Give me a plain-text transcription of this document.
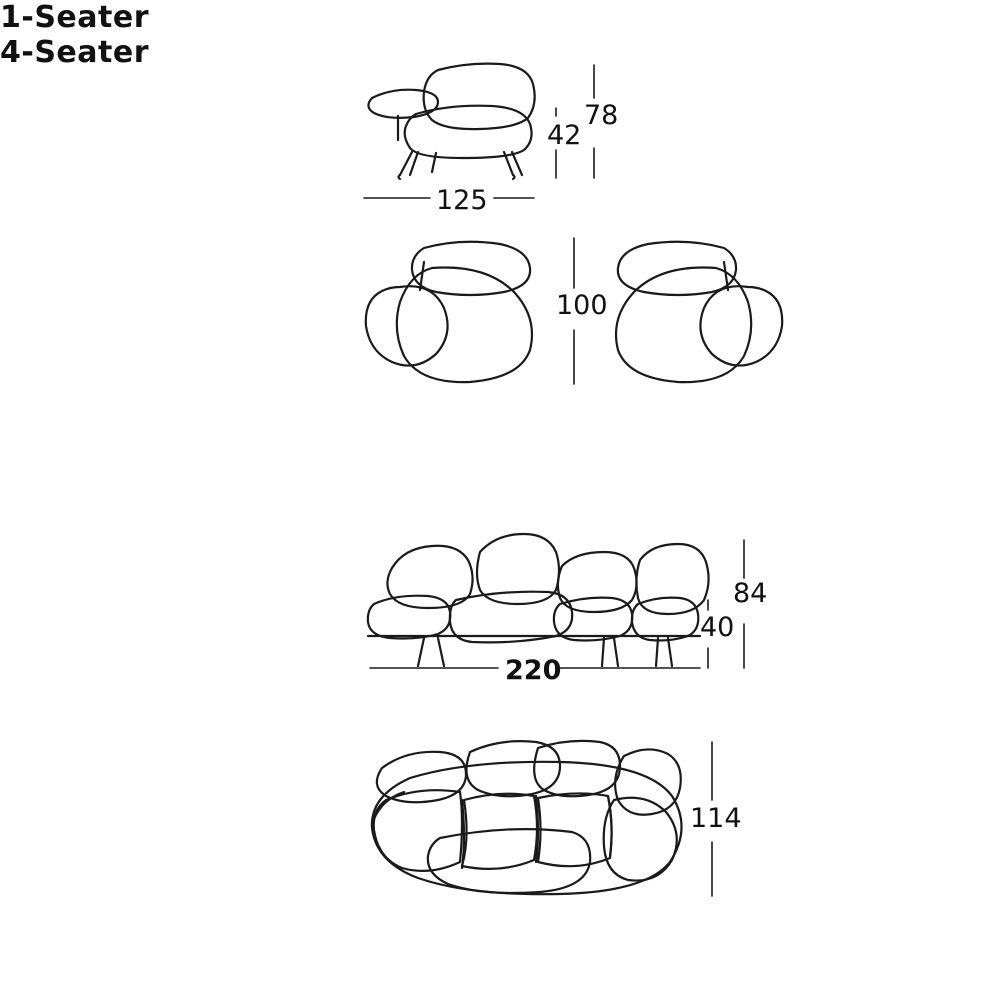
1-Seater
4-Seater
125
42
78
100
220
40
84
114
